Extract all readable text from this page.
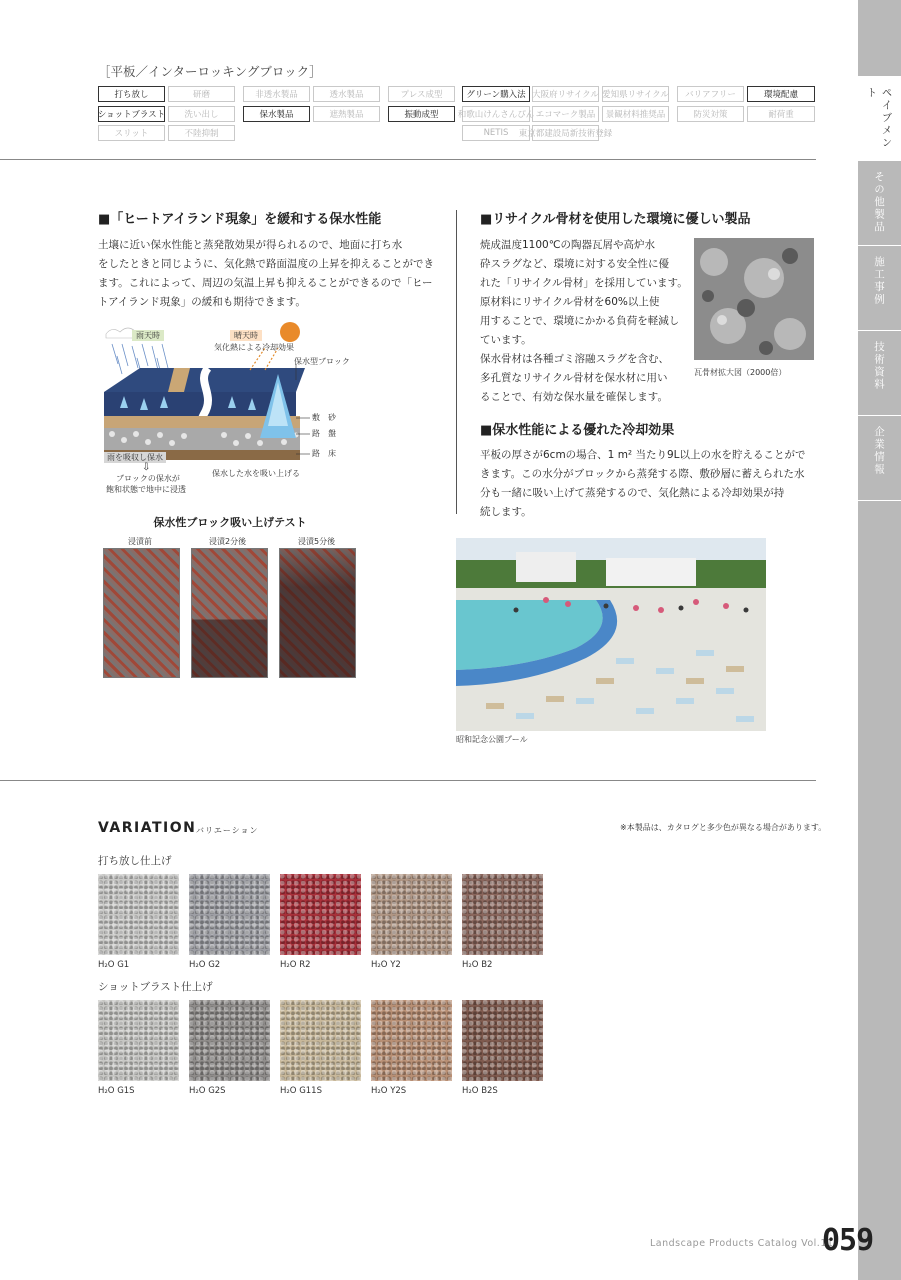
ペイブメント
その他製品
施工事例
技術資料
企業情報
［平板／インターロッキングブロック］
打ち放し	研磨	非透水製品	透水製品	プレス成型	グリーン購入法 大阪府リサイクル 愛知県リサイクル	バリアフリー	環境配慮
ショットブラスト	洗い出し	保水製品	遮熱製品	振動成型	和歌山けんさんぴん エコマーク製品	景観材料推奨品	防災対策	耐荷重
スリット	不陸抑制	NETIS	東京都建設局新技術登録
■「ヒートアイランド現象」を緩和する保水性能
土壌に近い保水性能と蒸発散効果が得られるので、地面に打ち水
をしたときと同じように、気化熱で路面温度の上昇を抑えることができ
ます。これによって、周辺の気温上昇も抑えることができるので「ヒー
トアイランド現象」の緩和も期待できます。
雨天時	晴天時
気化熱による冷却効果
保水型ブロック
敷　砂
路　盤
路　床
雨を吸収し保水
⇩
ブロックの保水が
飽和状態で地中に浸透
保水した水を吸い上げる
保水性ブロック吸い上げテスト
浸漬前	浸漬2分後	浸漬5分後
■リサイクル骨材を使用した環境に優しい製品
焼成温度1100℃の陶器瓦屑や高炉水
砕スラグなど、環境に対する安全性に優
れた「リサイクル骨材」を採用しています。
原材料にリサイクル骨材を60%以上使
用することで、環境にかかる負荷を軽減し
ています。
保水骨材は各種ゴミ溶融スラグを含む、
多孔質なリサイクル骨材を保水材に用い
ることで、有効な保水量を確保します。
瓦骨材拡大図（2000倍）
■保水性能による優れた冷却効果
平板の厚さが6cmの場合、1 m² 当たり9L以上の水を貯えることがで
きます。この水分がブロックから蒸発する際、敷砂層に蓄えられた水
分も一緒に吸い上げて蒸発するので、気化熱による冷却効果が持
続します。
昭和記念公園プール
VARIATION バリエーション	※本製品は、カタログと多少色が異なる場合があります。
打ち放し仕上げ
H₂O G1	H₂O G2	H₂O R2	H₂O Y2	H₂O B2
ショットブラスト仕上げ
H₂O G1S	H₂O G2S	H₂O G11S	H₂O Y2S	H₂O B2S
Landscape Products Catalog Vol.11
059
